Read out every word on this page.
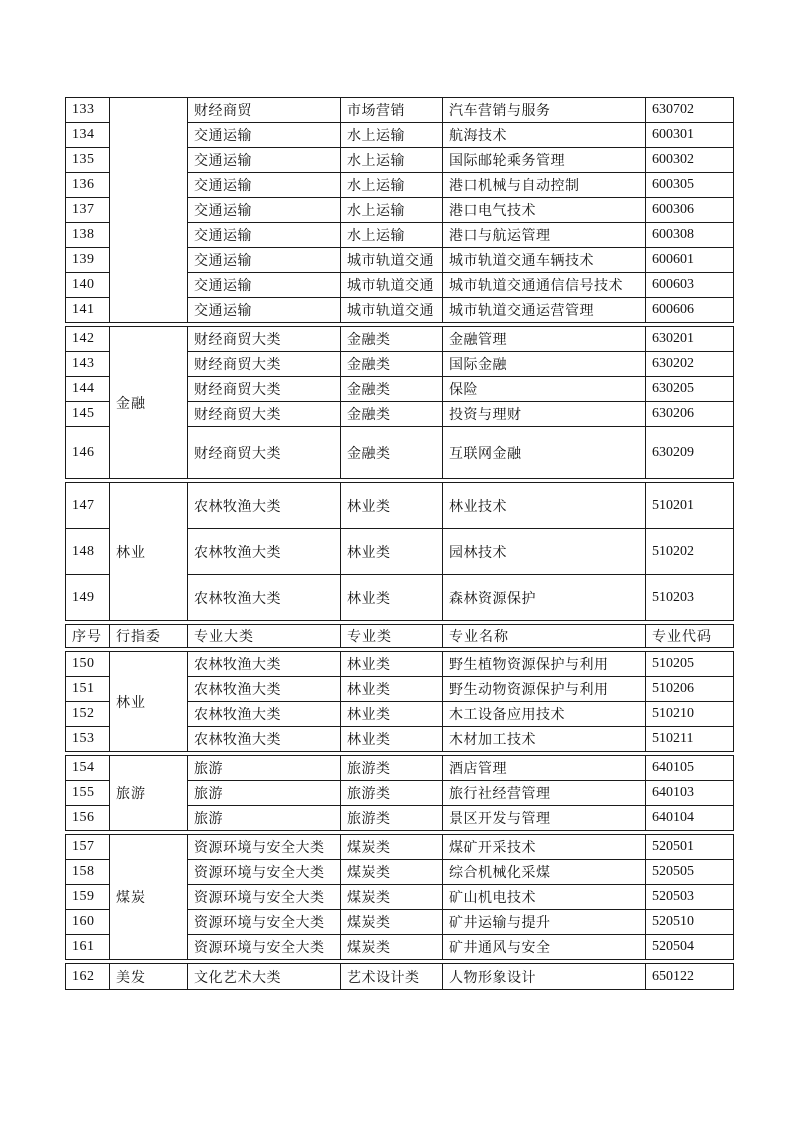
133		财经商贸	市场营销	汽车营销与服务	630702
134		交通运输	水上运输	航海技术	600301
135		交通运输	水上运输	国际邮轮乘务管理	600302
136		交通运输	水上运输	港口机械与自动控制	600305
137		交通运输	水上运输	港口电气技术	600306
138		交通运输	水上运输	港口与航运管理	600308
139		交通运输	城市轨道交通	城市轨道交通车辆技术	600601
140		交通运输	城市轨道交通	城市轨道交通通信信号技术	600603
141		交通运输	城市轨道交通	城市轨道交通运营管理	600606
142	金融	财经商贸大类	金融类	金融管理	630201
143		财经商贸大类	金融类	国际金融	630202
144		财经商贸大类	金融类	保险	630205
145		财经商贸大类	金融类	投资与理财	630206
146		财经商贸大类	金融类	互联网金融	630209
147	林业	农林牧渔大类	林业类	林业技术	510201
148		农林牧渔大类	林业类	园林技术	510202
149		农林牧渔大类	林业类	森林资源保护	510203
序号	行指委	专业大类	专业类	专业名称	专业代码
150	林业	农林牧渔大类	林业类	野生植物资源保护与利用	510205
151		农林牧渔大类	林业类	野生动物资源保护与利用	510206
152		农林牧渔大类	林业类	木工设备应用技术	510210
153		农林牧渔大类	林业类	木材加工技术	510211
154	旅游	旅游	旅游类	酒店管理	640105
155		旅游	旅游类	旅行社经营管理	640103
156		旅游	旅游类	景区开发与管理	640104
157	煤炭	资源环境与安全大类	煤炭类	煤矿开采技术	520501
158		资源环境与安全大类	煤炭类	综合机械化采煤	520505
159		资源环境与安全大类	煤炭类	矿山机电技术	520503
160		资源环境与安全大类	煤炭类	矿井运输与提升	520510
161		资源环境与安全大类	煤炭类	矿井通风与安全	520504
162	美发	文化艺术大类	艺术设计类	人物形象设计	650122
